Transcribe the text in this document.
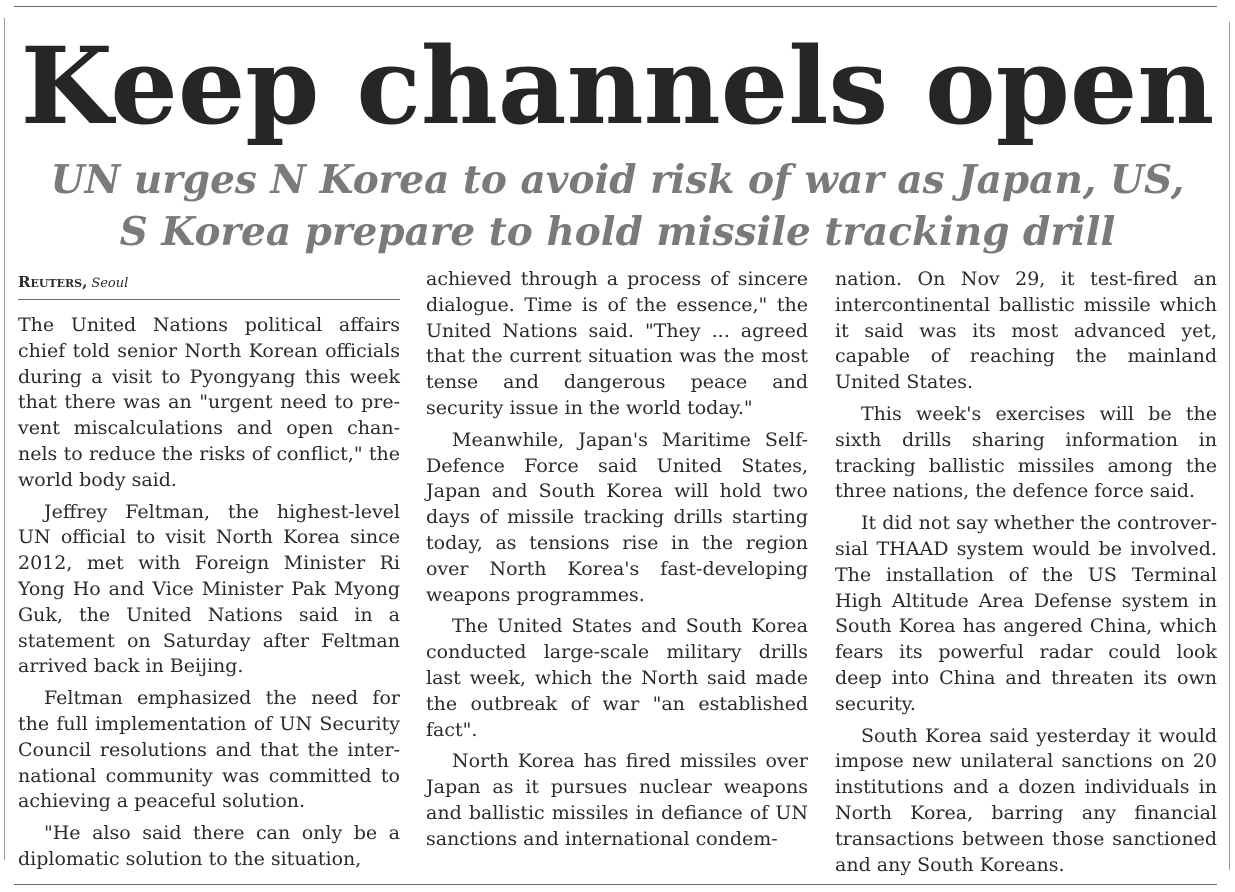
Keep channels open
UN urges N Korea to avoid risk of war as Japan, US,
S Korea prepare to hold missile tracking drill
Reuters, Seoul

The United Nations political affairs chief told senior North Korean officials during a visit to Pyongyang this week that there was an "urgent need to prevent miscalculations and open channels to reduce the risks of conflict," the world body said.

Jeffrey Feltman, the highest-level UN official to visit North Korea since 2012, met with Foreign Minister Ri Yong Ho and Vice Minister Pak Myong Guk, the United Nations said in a statement on Saturday after Feltman arrived back in Beijing.

Feltman emphasized the need for the full implementation of UN Security Council resolutions and that the international community was committed to achieving a peaceful solution.

"He also said there can only be a diplomatic solution to the situation,

achieved through a process of sincere dialogue. Time is of the essence," the United Nations said. "They ... agreed that the current situation was the most tense and dangerous peace and security issue in the world today."

Meanwhile, Japan's Maritime Self-Defence Force said United States, Japan and South Korea will hold two days of missile tracking drills starting today, as tensions rise in the region over North Korea's fast-developing weapons programmes.

The United States and South Korea conducted large-scale military drills last week, which the North said made the outbreak of war "an established fact".

North Korea has fired missiles over Japan as it pursues nuclear weapons and ballistic missiles in defiance of UN sanctions and international condem-

nation. On Nov 29, it test-fired an intercontinental ballistic missile which it said was its most advanced yet, capable of reaching the mainland United States.

This week's exercises will be the sixth drills sharing information in tracking ballistic missiles among the three nations, the defence force said.

It did not say whether the controversial THAAD system would be involved. The installation of the US Terminal High Altitude Area Defense system in South Korea has angered China, which fears its powerful radar could look deep into China and threaten its own security.

South Korea said yesterday it would impose new unilateral sanctions on 20 institutions and a dozen individuals in North Korea, barring any financial transactions between those sanctioned and any South Koreans.
